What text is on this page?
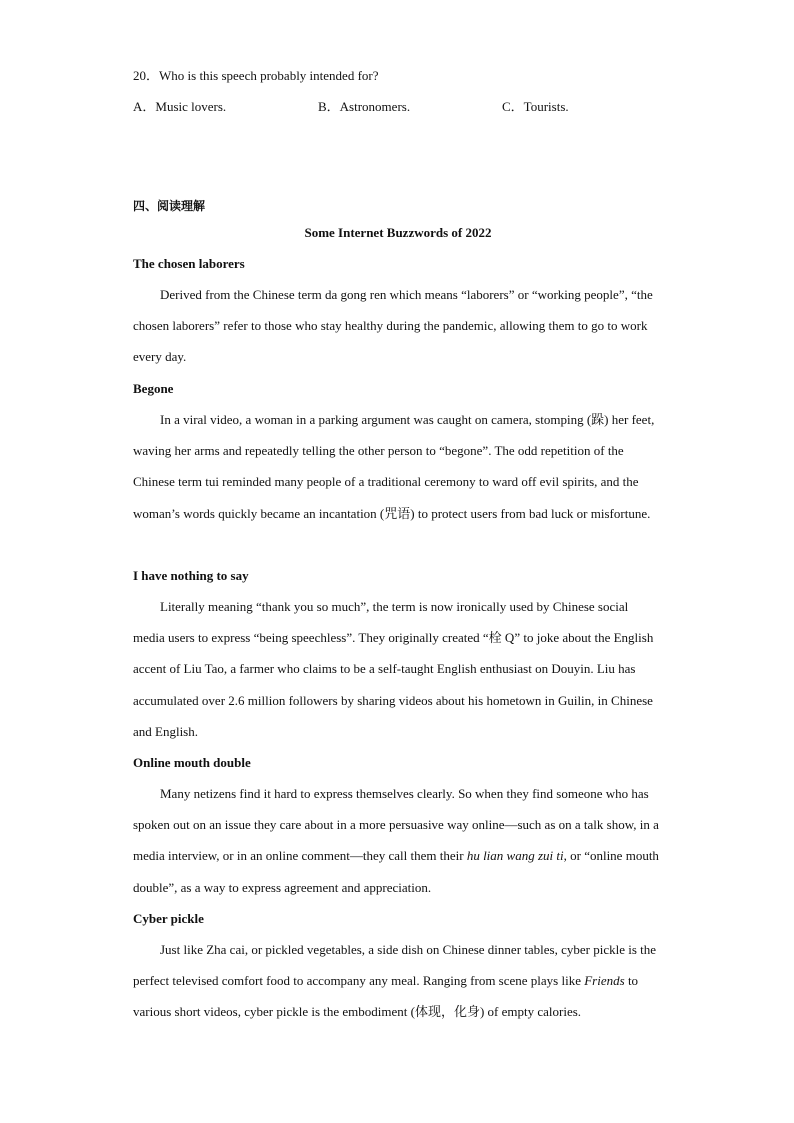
20．Who is this speech probably intended for?
A．Music lovers.	B．Astronomers.	C．Tourists.
四、阅读理解
Some Internet Buzzwords of 2022
The chosen laborers

Derived from the Chinese term da gong ren which means “laborers” or “working people”, “the chosen laborers” refer to those who stay healthy during the pandemic, allowing them to go to work every day.

Begone

In a viral video, a woman in a parking argument was caught on camera, stomping (跺) her feet, waving her arms and repeatedly telling the other person to “begone”. The odd repetition of the Chinese term tui reminded many people of a traditional ceremony to ward off evil spirits, and the woman’s words quickly became an incantation (咒语) to protect users from bad luck or misfortune.

I have nothing to say

Literally meaning “thank you so much”, the term is now ironically used by Chinese social media users to express “being speechless”. They originally created “栓 Q” to joke about the English accent of Liu Tao, a farmer who claims to be a self-taught English enthusiast on Douyin. Liu has accumulated over 2.6 million followers by sharing videos about his hometown in Guilin, in Chinese and English.

Online mouth double

Many netizens find it hard to express themselves clearly. So when they find someone who has spoken out on an issue they care about in a more persuasive way online—such as on a talk show, in a media interview, or in an online comment—they call them their hu lian wang zui ti, or “online mouth double”, as a way to express agreement and appreciation.

Cyber pickle

Just like Zha cai, or pickled vegetables, a side dish on Chinese dinner tables, cyber pickle is the perfect televised comfort food to accompany any meal. Ranging from scene plays like Friends to various short videos, cyber pickle is the embodiment (体现，化身) of empty calories.
